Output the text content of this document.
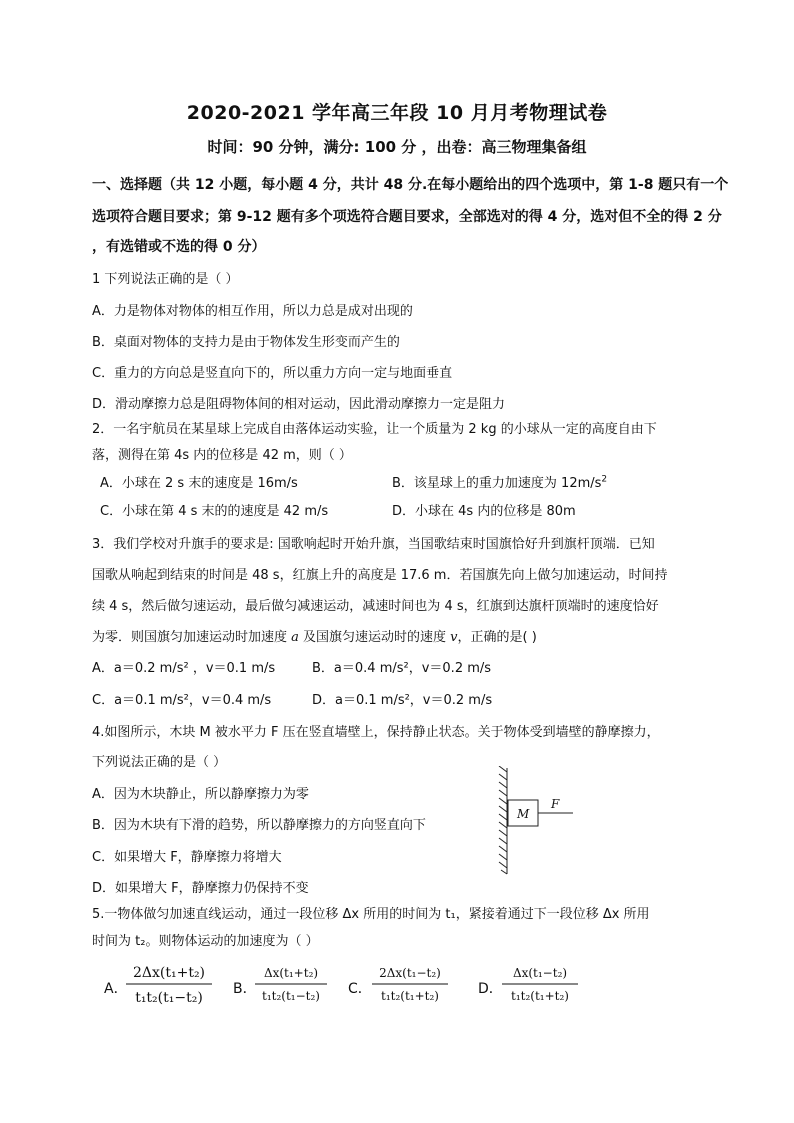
2020-2021 学年高三年段 10 月月考物理试卷
时间：90 分钟，满分: 100 分 ，出卷：高三物理集备组
一、选择题（共 12 小题，每小题 4 分，共计 48 分.在每小题给出的四个选项中，第 1-8 题只有一个
选项符合题目要求；第 9-12 题有多个项选符合题目要求，全部选对的得 4 分，选对但不全的得 2 分
，有选错或不选的得 0 分）
1 下列说法正确的是（ ）
A．力是物体对物体的相互作用，所以力总是成对出现的
B．桌面对物体的支持力是由于物体发生形变而产生的
C．重力的方向总是竖直向下的，所以重力方向一定与地面垂直
D．滑动摩擦力总是阻碍物体间的相对运动，因此滑动摩擦力一定是阻力
2．一名宇航员在某星球上完成自由落体运动实验，让一个质量为 2 kg 的小球从一定的高度自由下
落，测得在第 4s 内的位移是 42 m，则（ ）
A．小球在 2 s 末的速度是 16m/s	B．该星球上的重力加速度为 $12m/s^2$
C．小球在第 4 s 末的的速度是 42 m/s	D．小球在 4s 内的位移是 80m
3．我们学校对升旗手的要求是: 国歌响起时开始升旗，当国歌结束时国旗恰好升到旗杆顶端．已知
国歌从响起到结束的时间是 48 s，红旗上升的高度是 17.6 m．若国旗先向上做匀加速运动，时间持
续 4 s，然后做匀速运动，最后做匀减速运动，减速时间也为 4 s，红旗到达旗杆顶端时的速度恰好
为零．则国旗匀加速运动时加速度 a 及国旗匀速运动时的速度 v，正确的是( )
A．a＝0.2 m/s² ，v＝0.1 m/s	B．a＝0.4 m/s²，v＝0.2 m/s
C．a＝0.1 m/s²，v＝0.4 m/s	D．a＝0.1 m/s²，v＝0.2 m/s
4.如图所示，木块 M 被水平力 F 压在竖直墙壁上，保持静止状态。关于物体受到墙壁的静摩擦力，
下列说法正确的是（ ）
A．因为木块静止，所以静摩擦力为零
B．因为木块有下滑的趋势，所以静摩擦力的方向竖直向下
C．如果增大 F，静摩擦力将增大
D．如果增大 F，静摩擦力仍保持不变
M
F
5.一物体做匀加速直线运动，通过一段位移 Δx 所用的时间为 t₁，紧接着通过下一段位移 Δx 所用
时间为 t₂。则物体运动的加速度为（ ）
A．	B．	C．	D．
2Δx(t₁+t₂)
t₁t₂(t₁−t₂)
Δx(t₁+t₂)
t₁t₂(t₁−t₂)
2Δx(t₁−t₂)
t₁t₂(t₁+t₂)
Δx(t₁−t₂)
t₁t₂(t₁+t₂)
